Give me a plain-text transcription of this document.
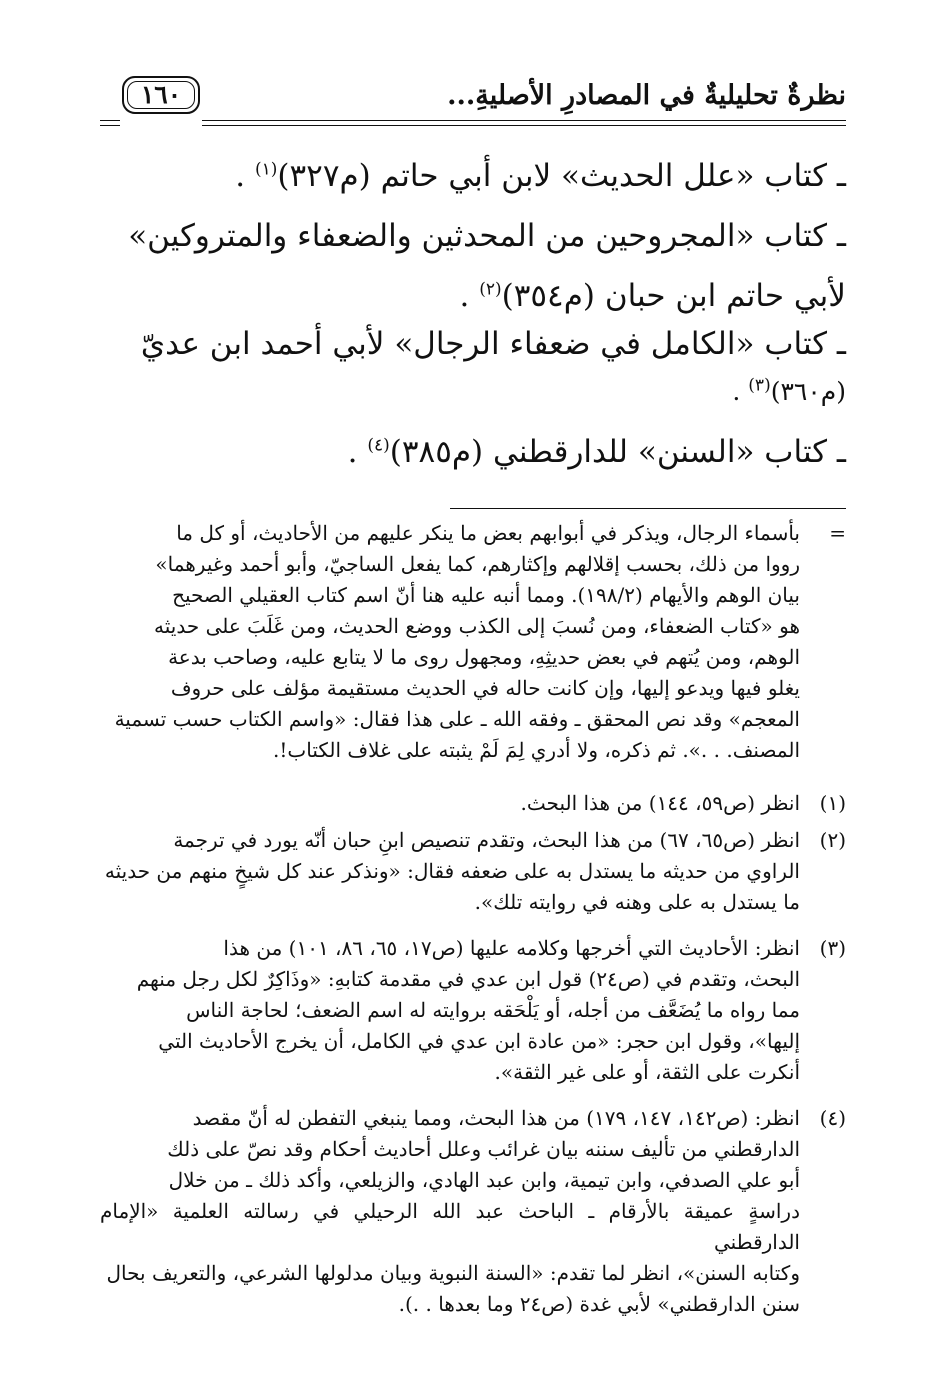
نظرةٌ تحليليةٌ في المصادرِ الأصليةِ...
١٦٠
ـ كتاب «علل الحديث» لابن أبي حاتم (م٣٢٧)$^{(١)}$ .
ـ كتاب «المجروحين من المحدثين والضعفاء والمتروكين»
لأبي حاتم ابن حبان (م٣٥٤)$^{(٢)}$ .
ـ كتاب «الكامل في ضعفاء الرجال» لأبي أحمد ابن عديّ
(م٣٦٠)$^{(٣)}$ .
ـ كتاب «السنن» للدارقطني (م٣٨٥)$^{(٤)}$ .
=
بأسماء الرجال، ويذكر في أبوابهم بعض ما ينكر عليهم من الأحاديث، أو كل ما
رووا من ذلك، بحسب إقلالهم وإكثارهم، كما يفعل الساجيّ، وأبو أحمد وغيرهما»
بيان الوهم والأيهام (١٩٨/٢). ومما أنبه عليه هنا أنّ اسم كتاب العقيلي الصحيح
هو «كتاب الضعفاء، ومن نُسبَ إلى الكذب ووضع الحديث، ومن غَلَبَ على حديثه
الوهم، ومن يُتهم في بعض حديثِهِ، ومجهول روى ما لا يتابع عليه، وصاحب بدعة
يغلو فيها ويدعو إليها، وإن كانت حاله في الحديث مستقيمة مؤلف على حروف
المعجم» وقد نص المحقق ـ وفقه الله ـ على هذا فقال: «واسم الكتاب حسب تسمية
المصنف. . .». ثم ذكره، ولا أدري لِمَ لَمْ يثبته على غلاف الكتاب!.
(١)
انظر (ص٥٩، ١٤٤) من هذا البحث.
(٢)
انظر (ص٦٥، ٦٧) من هذا البحث، وتقدم تنصيص ابنِ حبان أنّه يورد في ترجمة
الراوي من حديثه ما يستدل به على ضعفه فقال: «ونذكر عند كل شيخٍ منهم من حديثه
ما يستدل به على وهنه في روايته تلك».
(٣)
انظر: الأحاديث التي أخرجها وكلامه عليها (ص١٧، ٦٥، ٨٦، ١٠١) من هذا
البحث، وتقدم في (ص٢٤) قول ابن عدي في مقدمة كتابهِ: «وذَاكِرٌ لكل رجل منهم
مما رواه ما يُضَعَّف من أجله، أو يَلْحَقه بروايته له اسم الضعف؛ لحاجة الناس
إليها»، وقول ابن حجر: «من عادة ابن عدي في الكامل، أن يخرج الأحاديث التي
أنكرت على الثقة، أو على غير الثقة».
(٤)
انظر: (ص١٤٢، ١٤٧، ١٧٩) من هذا البحث، ومما ينبغي التفطن له أنّ مقصد
الدارقطني من تأليف سننه بيان غرائب وعلل أحاديث أحكام وقد نصّ على ذلك
أبو علي الصدفي، وابن تيمية، وابن عبد الهادي، والزيلعي، وأكد ذلك ـ من خلال
دراسةٍ عميقة بالأرقام ـ الباحث عبد الله الرحيلي في رسالته العلمية «الإمام الدارقطني
وكتابه السنن»، انظر لما تقدم: «السنة النبوية وبيان مدلولها الشرعي، والتعريف بحال
سنن الدارقطني» لأبي غدة (ص٢٤ وما بعدها . .).
